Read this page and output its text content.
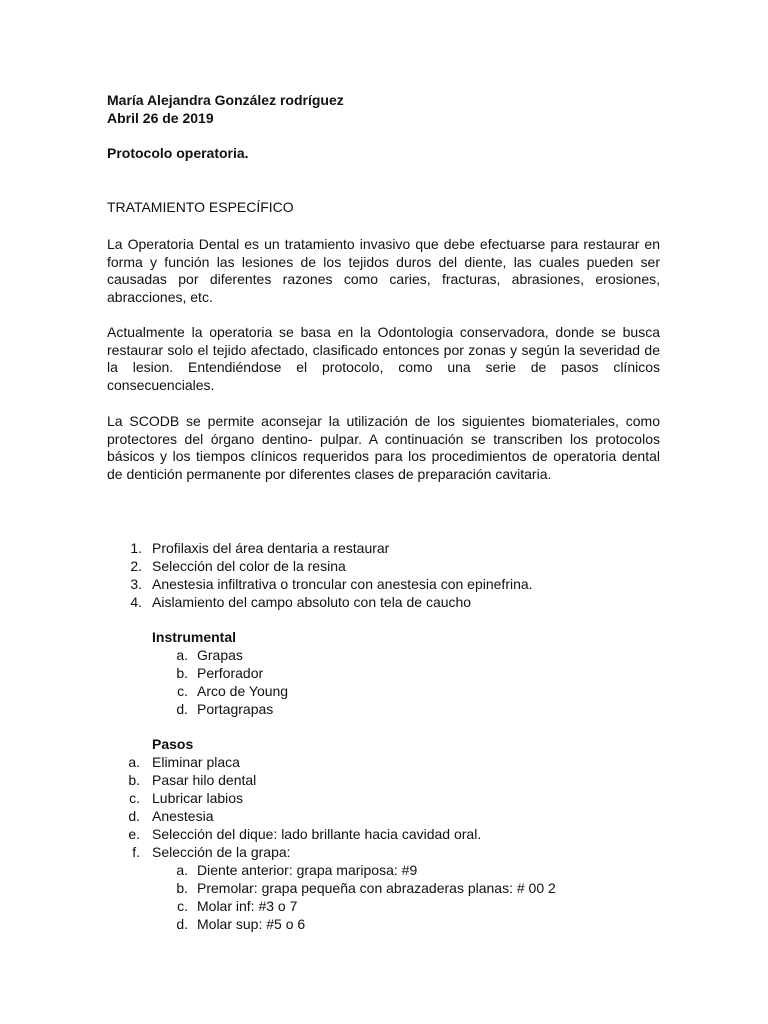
María Alejandra González rodríguez

Abril 26 de 2019

Protocolo operatoria.

TRATAMIENTO ESPECÍFICO

La Operatoria Dental es un tratamiento invasivo que debe efectuarse para restaurar en forma y función las lesiones de los tejidos duros del diente, las cuales pueden ser causadas por diferentes razones como caries, fracturas, abrasiones, erosiones, abracciones, etc.

Actualmente la operatoria se basa en la Odontologia conservadora, donde se busca restaurar solo el tejido afectado, clasificado entonces por zonas y según la severidad de la lesion. Entendiéndose el protocolo, como una serie de pasos clínicos consecuenciales.

La SCODB se permite aconsejar la utilización de los siguientes biomateriales, como protectores del órgano dentino- pulpar. A continuación se transcriben los protocolos básicos y los tiempos clínicos requeridos para los procedimientos de operatoria dental de dentición permanente por diferentes clases de preparación cavitaria.

1. Profilaxis del área dentaria a restaurar
2. Selección del color de la resina
3. Anestesia infiltrativa o troncular con anestesia con epinefrina.
4. Aislamiento del campo absoluto con tela de caucho

Instrumental

a. Grapas
b. Perforador
c. Arco de Young
d. Portagrapas

Pasos

a. Eliminar placa
b. Pasar hilo dental
c. Lubricar labios
d. Anestesia
e. Selección del dique: lado brillante hacia cavidad oral.
f. Selección de la grapa:
a. Diente anterior: grapa mariposa: #9
b. Premolar: grapa pequeña con abrazaderas planas: # 00 2
c. Molar inf: #3 o 7
d. Molar sup: #5 o 6
